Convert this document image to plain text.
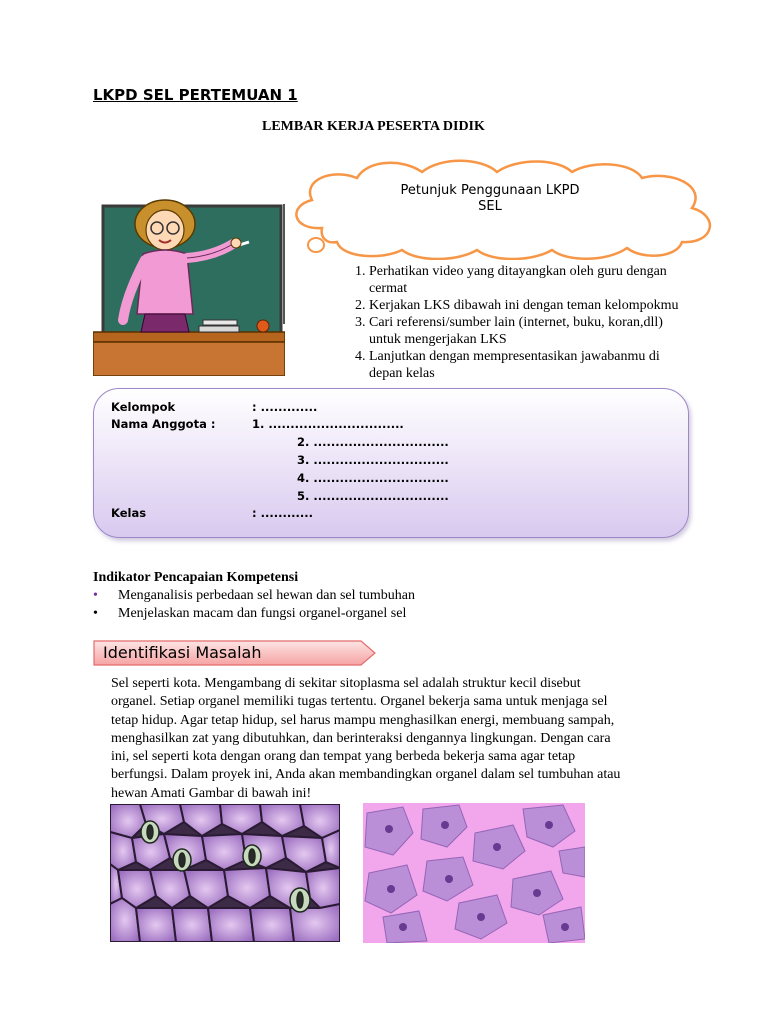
LKPD SEL PERTEMUAN 1
LEMBAR KERJA PESERTA DIDIK
Petunjuk Penggunaan LKPD
SEL
1. Perhatikan video yang ditayangkan oleh guru dengan
cermat
2. Kerjakan LKS dibawah ini dengan teman kelompokmu
3. Cari referensi/sumber lain (internet, buku, koran,dll)
untuk mengerjakan LKS
4. Lanjutkan dengan mempresentasikan jawabanmu di
depan kelas
Kelompok	: .............
Nama Anggota :	1. ...............................
2. ...............................
3. ...............................
4. ...............................
5. ...............................
Kelas	: ............
Indikator Pencapaian Kompetensi
• Menganalisis perbedaan sel hewan dan sel tumbuhan
• Menjelaskan macam dan fungsi organel-organel sel
Identifikasi Masalah
Sel seperti kota. Mengambang di sekitar sitoplasma sel adalah struktur kecil disebut
organel. Setiap organel memiliki tugas tertentu. Organel bekerja sama untuk menjaga sel
tetap hidup. Agar tetap hidup, sel harus mampu menghasilkan energi, membuang sampah,
menghasilkan zat yang dibutuhkan, dan berinteraksi dengannya lingkungan. Dengan cara
ini, sel seperti kota dengan orang dan tempat yang berbeda bekerja sama agar tetap
berfungsi. Dalam proyek ini, Anda akan membandingkan organel dalam sel tumbuhan atau
hewan Amati Gambar di bawah ini!
